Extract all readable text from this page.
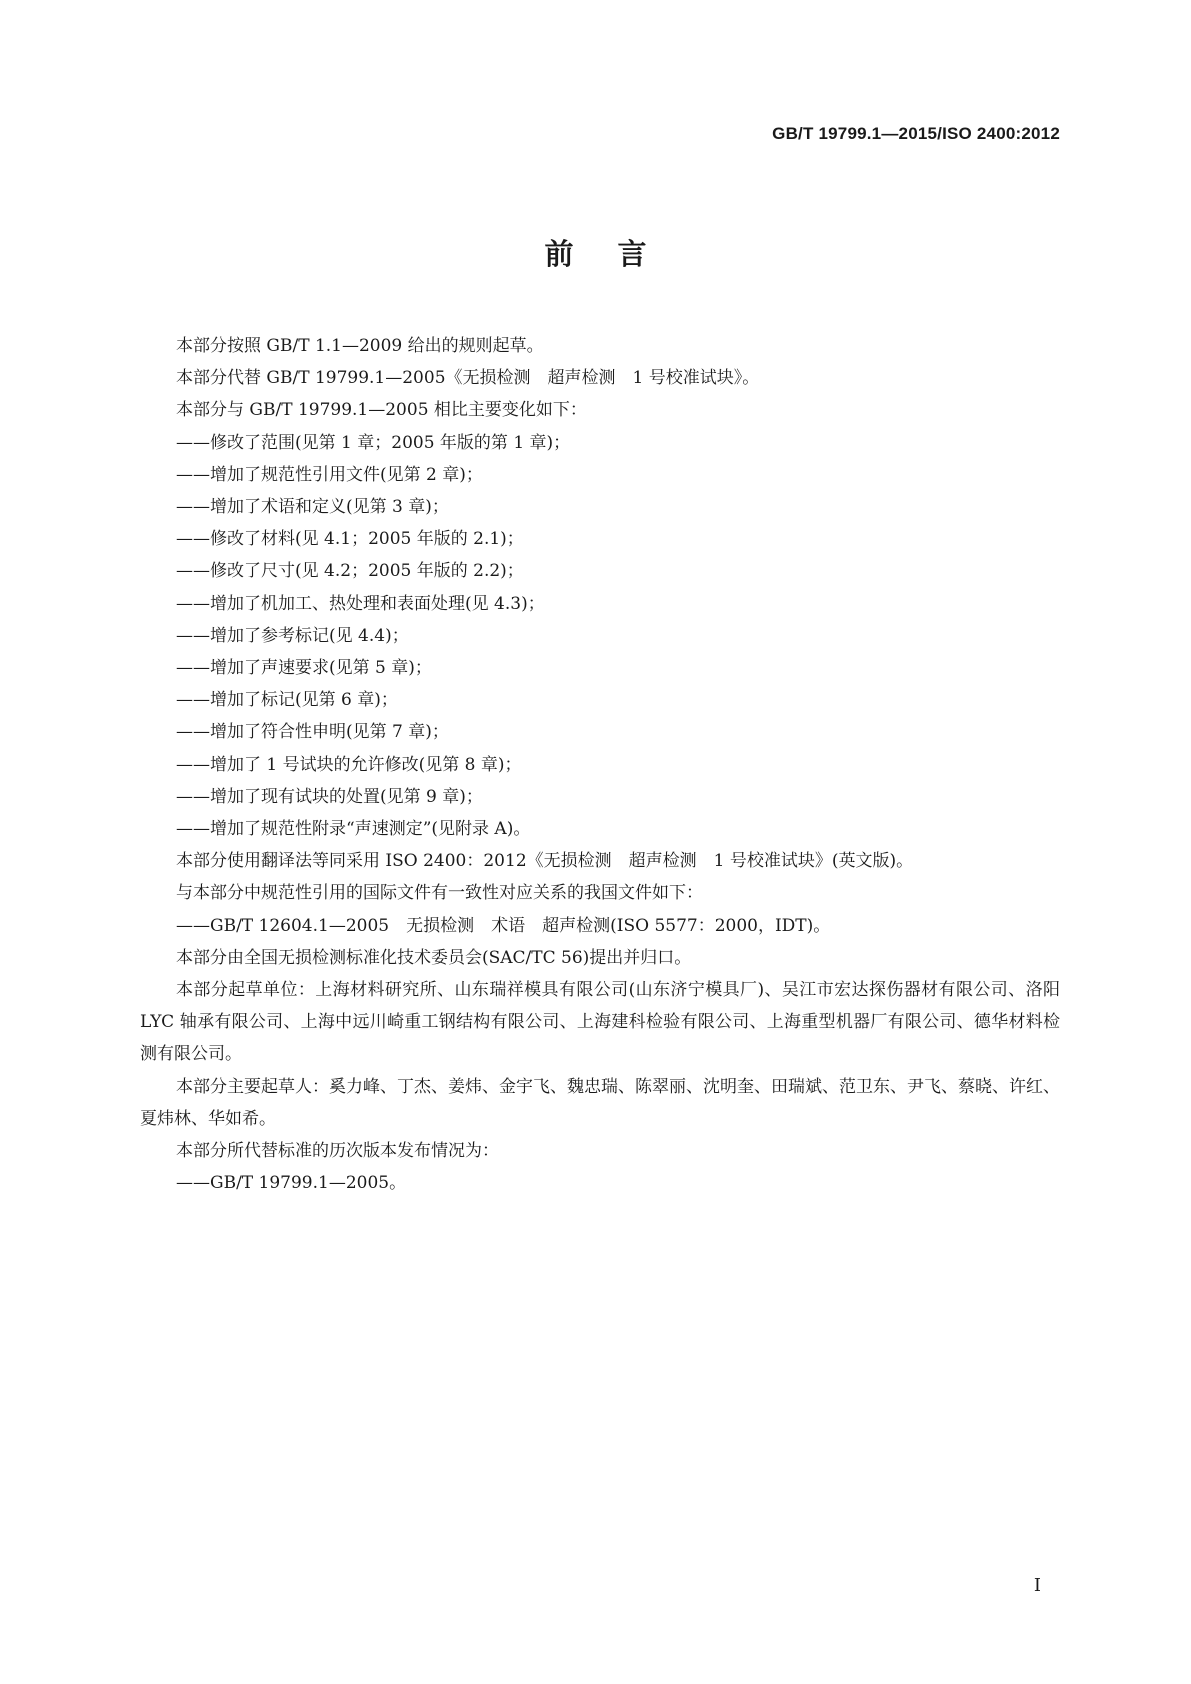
GB/T 19799.1—2015/ISO 2400:2012
前言

本部分按照 GB/T 1.1—2009 给出的规则起草。

本部分代替 GB/T 19799.1—2005《无损检测　超声检测　1 号校准试块》。

本部分与 GB/T 19799.1—2005 相比主要变化如下：

——修改了范围(见第 1 章；2005 年版的第 1 章)；

——增加了规范性引用文件(见第 2 章)；

——增加了术语和定义(见第 3 章)；

——修改了材料(见 4.1；2005 年版的 2.1)；

——修改了尺寸(见 4.2；2005 年版的 2.2)；

——增加了机加工、热处理和表面处理(见 4.3)；

——增加了参考标记(见 4.4)；

——增加了声速要求(见第 5 章)；

——增加了标记(见第 6 章)；

——增加了符合性申明(见第 7 章)；

——增加了 1 号试块的允许修改(见第 8 章)；

——增加了现有试块的处置(见第 9 章)；

——增加了规范性附录“声速测定”(见附录 A)。

本部分使用翻译法等同采用 ISO 2400：2012《无损检测　超声检测　1 号校准试块》(英文版)。

与本部分中规范性引用的国际文件有一致性对应关系的我国文件如下：

——GB/T 12604.1—2005　无损检测　术语　超声检测(ISO 5577：2000，IDT)。

本部分由全国无损检测标准化技术委员会(SAC/TC 56)提出并归口。

本部分起草单位：上海材料研究所、山东瑞祥模具有限公司(山东济宁模具厂)、吴江市宏达探伤器材有限公司、洛阳 LYC 轴承有限公司、上海中远川崎重工钢结构有限公司、上海建科检验有限公司、上海重型机器厂有限公司、德华材料检测有限公司。

本部分主要起草人：奚力峰、丁杰、姜炜、金宇飞、魏忠瑞、陈翠丽、沈明奎、田瑞斌、范卫东、尹飞、蔡晓、许红、夏炜林、华如希。

本部分所代替标准的历次版本发布情况为：

——GB/T 19799.1—2005。

I
